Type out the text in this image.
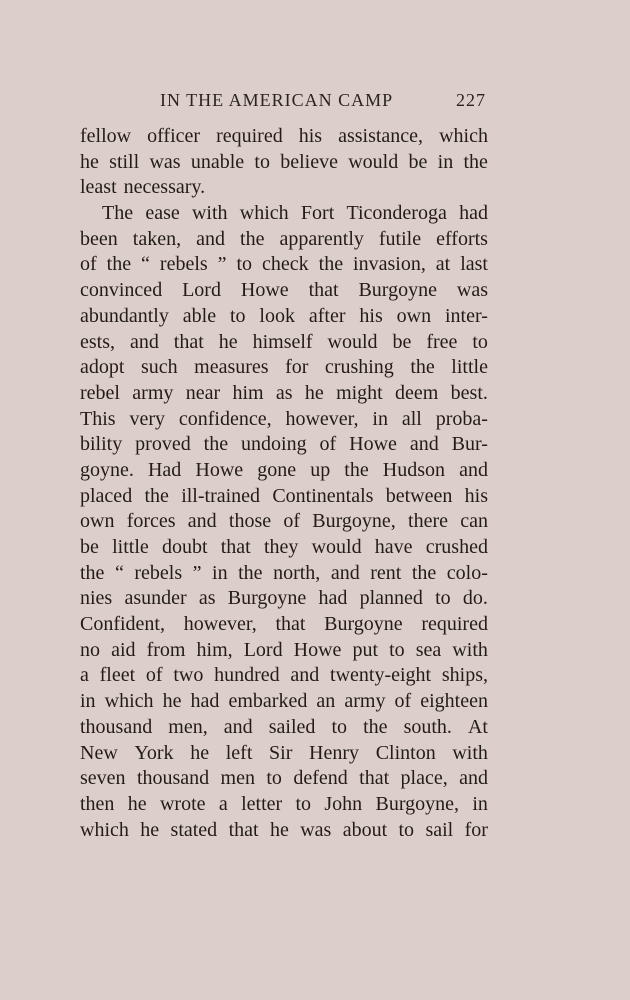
IN THE AMERICAN CAMP	227
fellow officer required his assistance, which
he still was unable to believe would be in the
least necessary.
The ease with which Fort Ticonderoga had
been taken, and the apparently futile efforts
of the “ rebels ” to check the invasion, at last
convinced Lord Howe that Burgoyne was
abundantly able to look after his own inter-
ests, and that he himself would be free to
adopt such measures for crushing the little
rebel army near him as he might deem best.
This very confidence, however, in all proba-
bility proved the undoing of Howe and Bur-
goyne. Had Howe gone up the Hudson and
placed the ill-trained Continentals between his
own forces and those of Burgoyne, there can
be little doubt that they would have crushed
the “ rebels ” in the north, and rent the colo-
nies asunder as Burgoyne had planned to do.
Confident, however, that Burgoyne required
no aid from him, Lord Howe put to sea with
a fleet of two hundred and twenty-eight ships,
in which he had embarked an army of eighteen
thousand men, and sailed to the south. At
New York he left Sir Henry Clinton with
seven thousand men to defend that place, and
then he wrote a letter to John Burgoyne, in
which he stated that he was about to sail for
